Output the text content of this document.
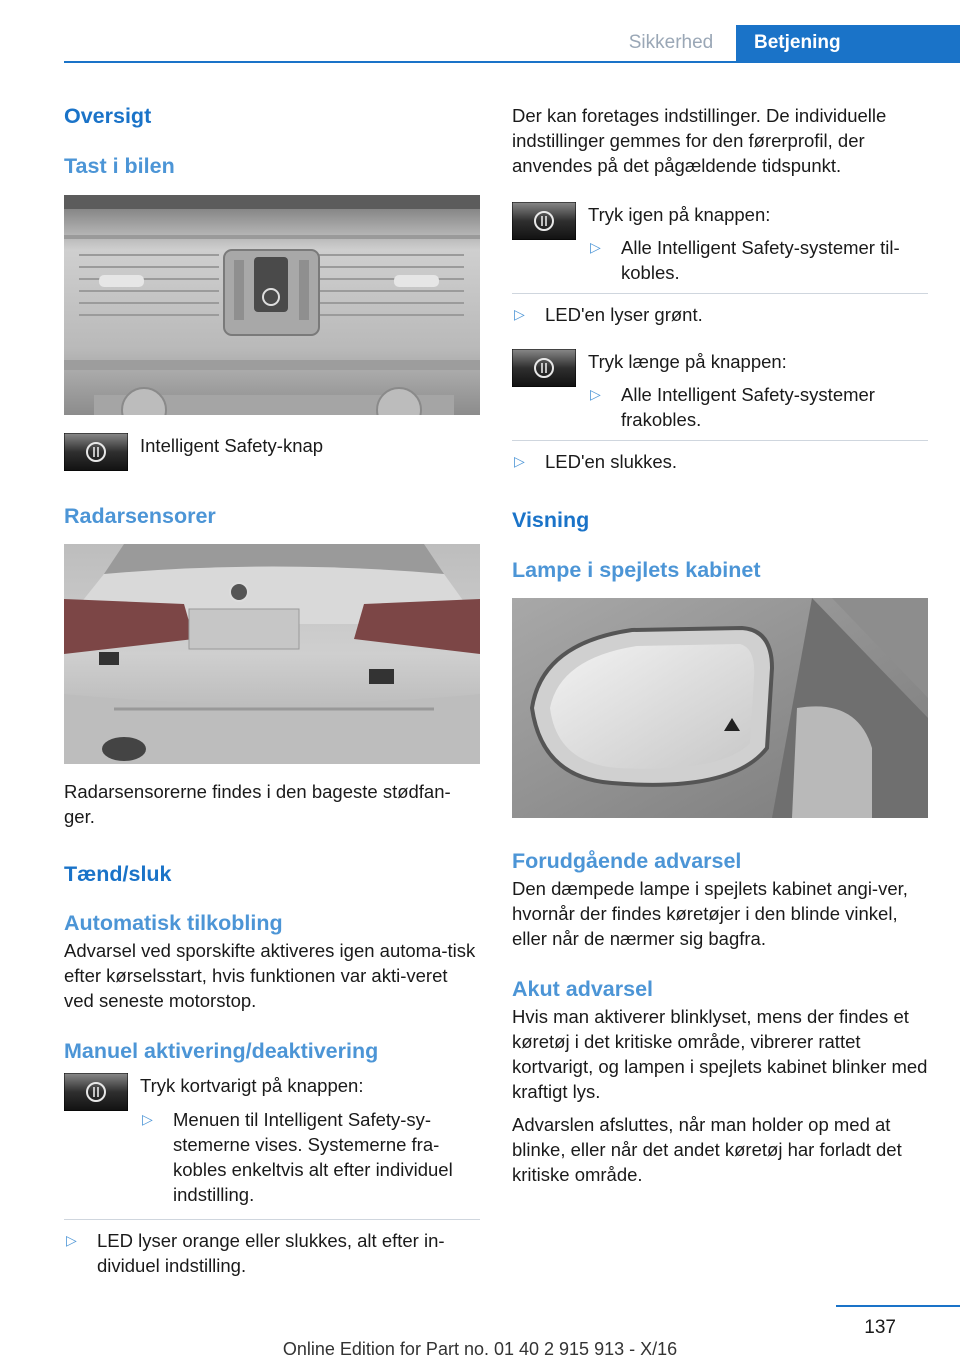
Sikkerhed	Betjening
Oversigt
Tast i bilen
Intelligent Safety-knap
Radarsensorer
Radarsensorerne findes i den bageste stødfan-ger.
Tænd/sluk
Automatisk tilkobling
Advarsel ved sporskifte aktiveres igen automa-tisk efter kørselsstart, hvis funktionen var akti-veret ved seneste motorstop.
Manuel aktivering/deaktivering
Tryk kortvarigt på knappen:
▷	Menuen til Intelligent Safety-sy-stemerne vises. Systemerne fra-kobles enkeltvis alt efter individuel indstilling.
▷	LED lyser orange eller slukkes, alt efter in-dividuel indstilling.
Der kan foretages indstillinger. De individuelle indstillinger gemmes for den førerprofil, der anvendes på det pågældende tidspunkt.
Tryk igen på knappen:
▷	Alle Intelligent Safety-systemer til-kobles.
▷	LED'en lyser grønt.
Tryk længe på knappen:
▷	Alle Intelligent Safety-systemer frakobles.
▷	LED'en slukkes.
Visning
Lampe i spejlets kabinet
Forudgående advarsel
Den dæmpede lampe i spejlets kabinet angi-ver, hvornår der findes køretøjer i den blinde vinkel, eller når de nærmer sig bagfra.
Akut advarsel
Hvis man aktiverer blinklyset, mens der findes et køretøj i det kritiske område, vibrerer rattet kortvarigt, og lampen i spejlets kabinet blinker med kraftigt lys.
Advarslen afsluttes, når man holder op med at blinke, eller når det andet køretøj har forladt det kritiske område.
137
Online Edition for Part no. 01 40 2 915 913 - X/16
